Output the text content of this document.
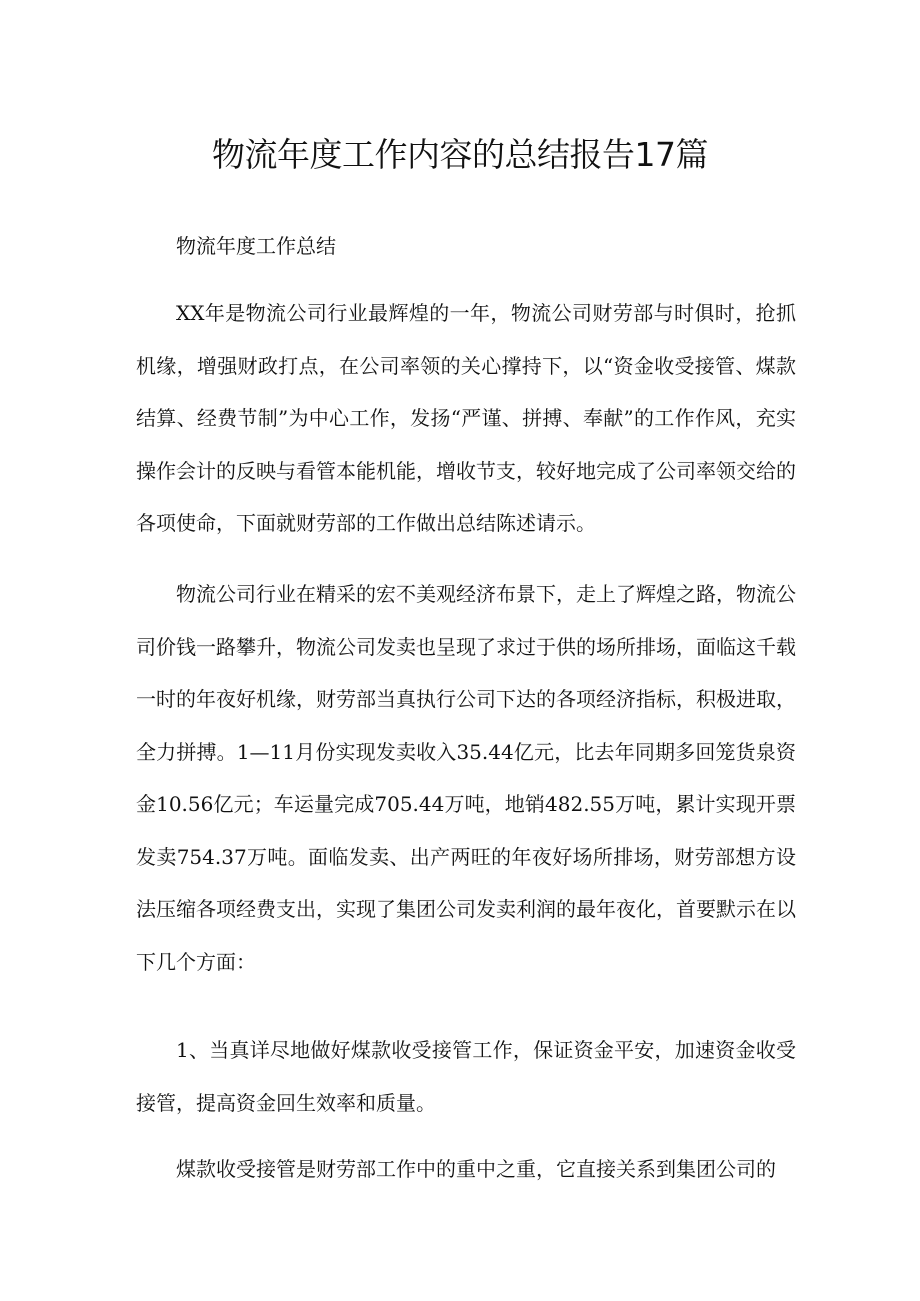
物流年度工作内容的总结报告17篇

物流年度工作总结

XX年是物流公司行业最辉煌的一年，物流公司财劳部与时俱时，抢抓机缘，增强财政打点，在公司率领的关心撑持下，以“资金收受接管、煤款结算、经费节制”为中心工作，发扬“严谨、拼搏、奉献”的工作作风，充实操作会计的反映与看管本能机能，增收节支，较好地完成了公司率领交给的各项使命，下面就财劳部的工作做出总结陈述请示。

物流公司行业在精采的宏不美观经济布景下，走上了辉煌之路，物流公司价钱一路攀升，物流公司发卖也呈现了求过于供的场所排场，面临这千载一时的年夜好机缘，财劳部当真执行公司下达的各项经济指标，积极进取，全力拼搏。1—11月份实现发卖收入35.44亿元，比去年同期多回笼货泉资金10.56亿元；车运量完成705.44万吨，地销482.55万吨，累计实现开票发卖754.37万吨。面临发卖、出产两旺的年夜好场所排场，财劳部想方设法压缩各项经费支出，实现了集团公司发卖利润的最年夜化，首要默示在以下几个方面：

1、当真详尽地做好煤款收受接管工作，保证资金平安，加速资金收受接管，提高资金回生效率和质量。

煤款收受接管是财劳部工作中的重中之重，它直接关系到集团公司的
